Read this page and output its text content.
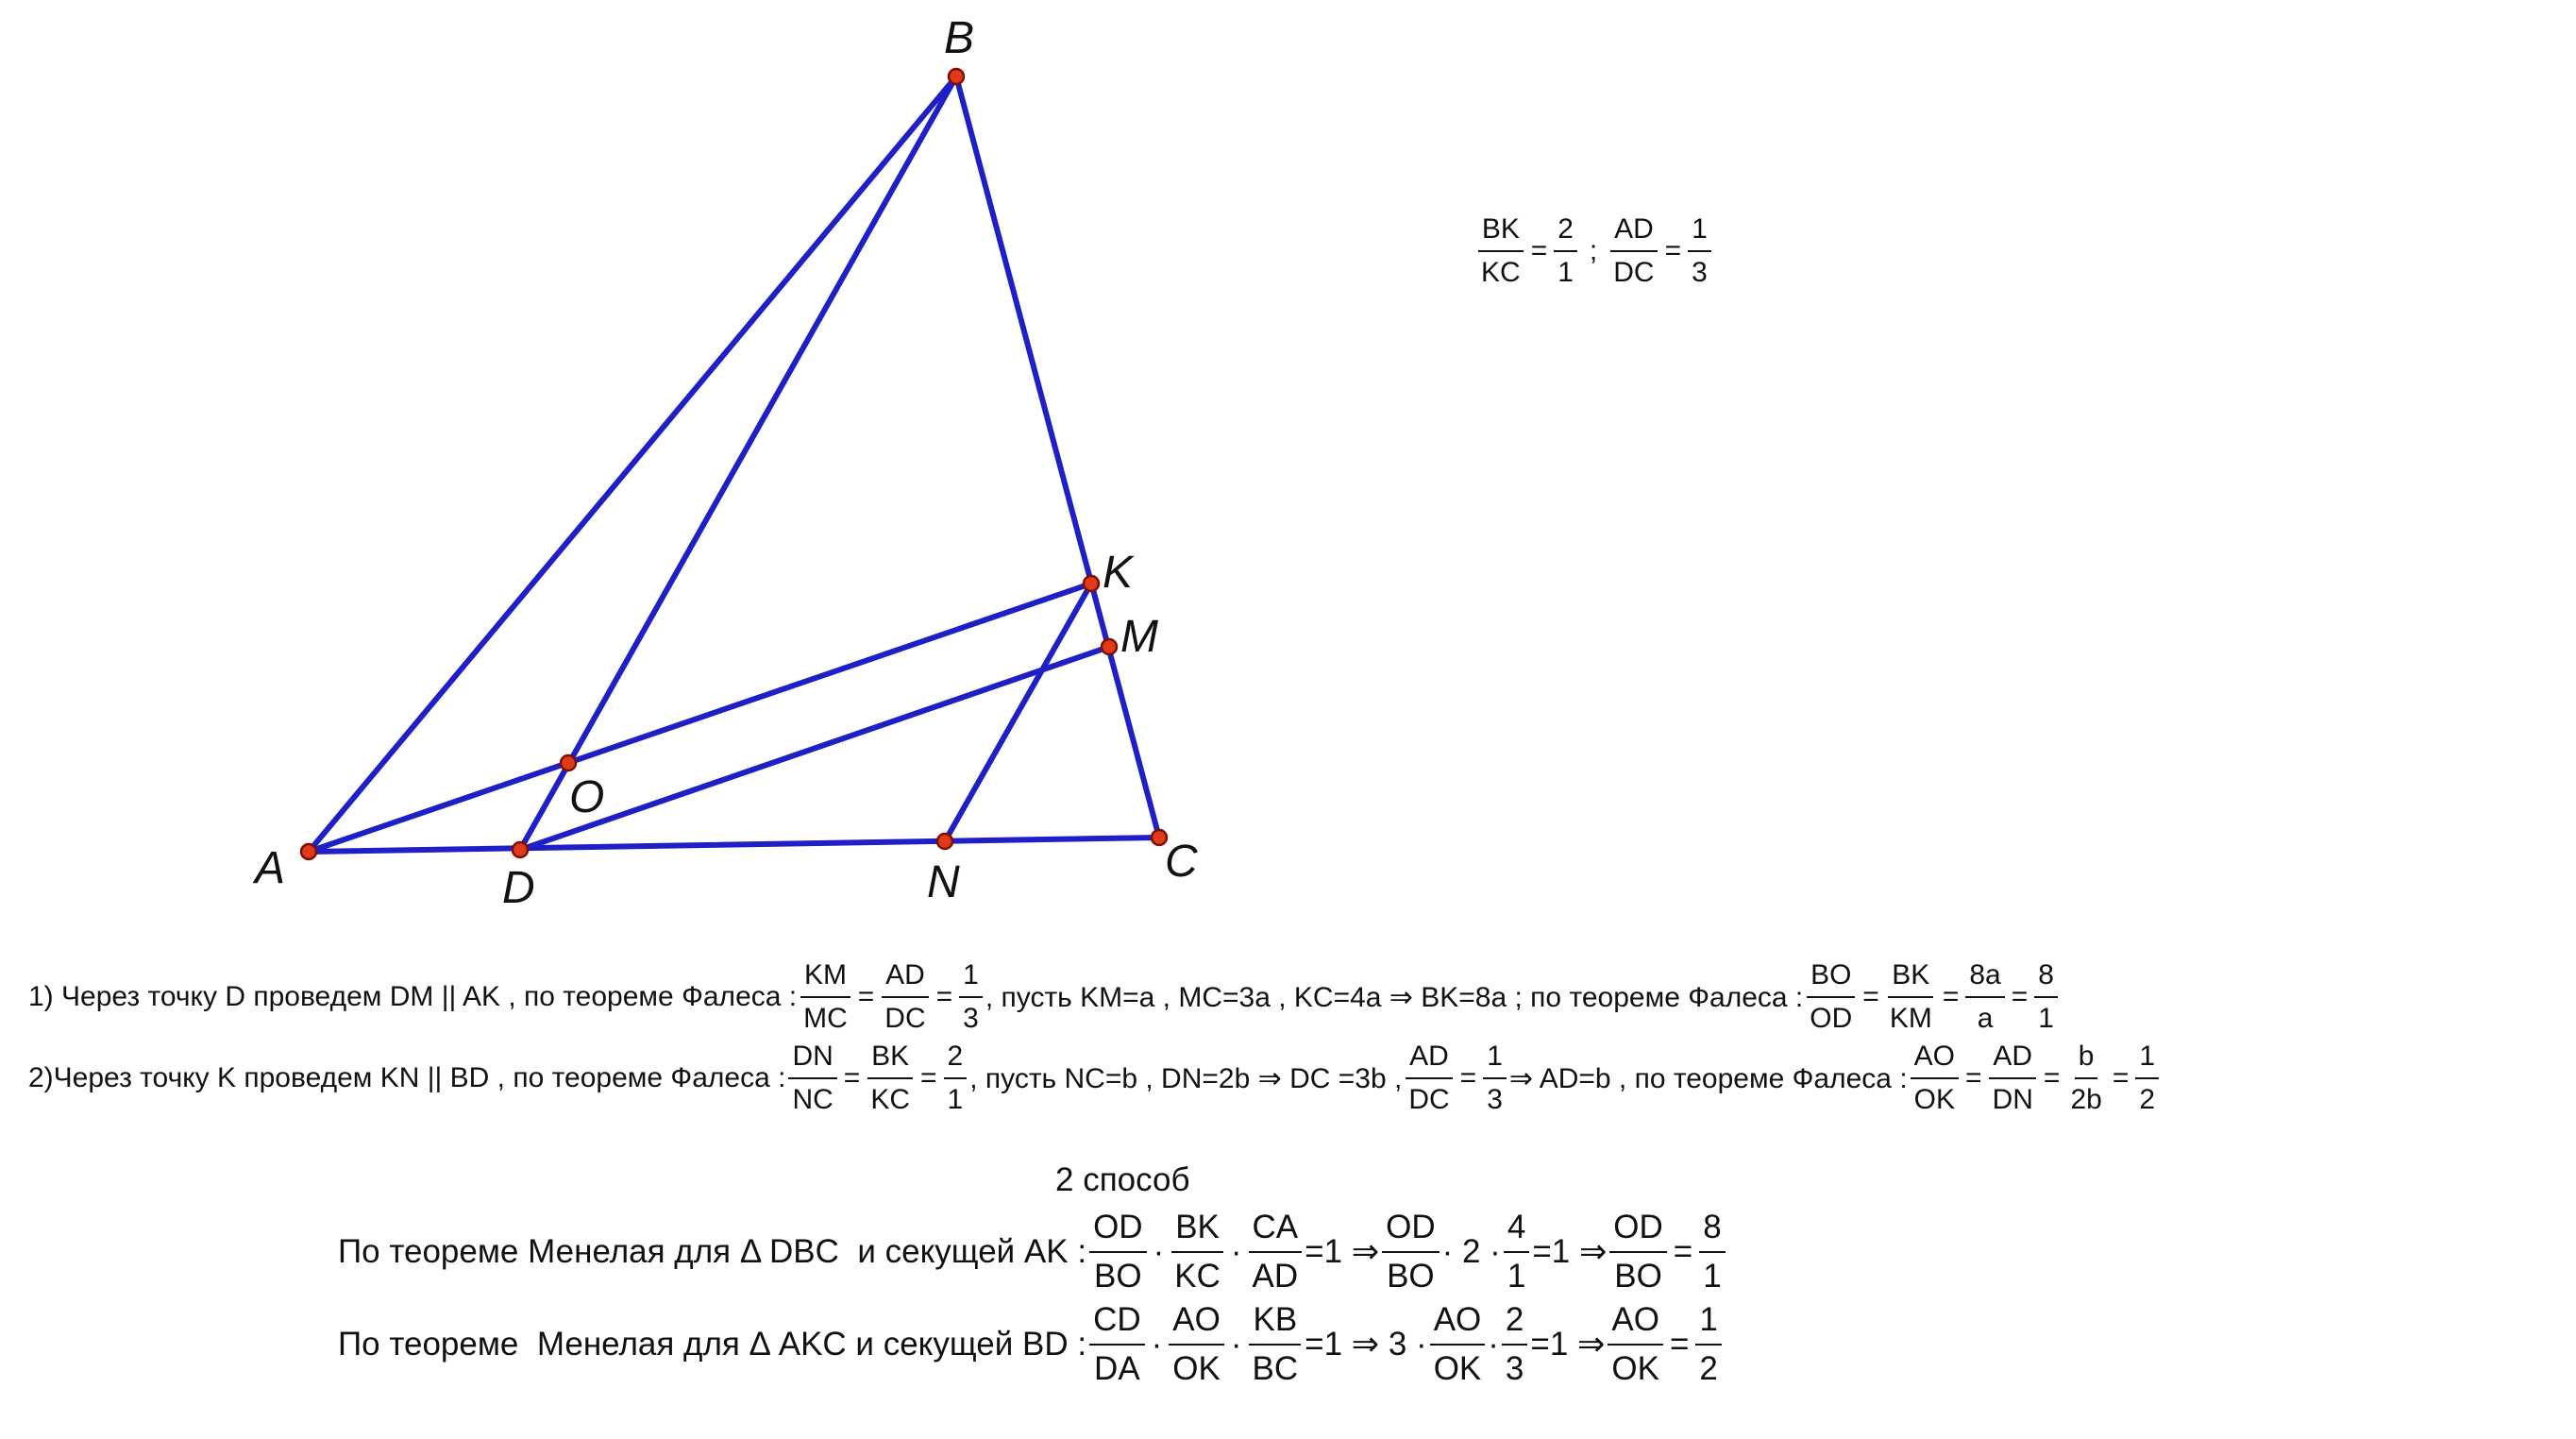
A
B
C
D
K
M
N
O
$\frac{BK}{KC} = \frac{2}{1}$ ; $\frac{AD}{DC} = \frac{1}{3}$
1) Через точку D проведем DM || AK , по теореме Фалеса : $\frac{KM}{MC} = \frac{AD}{DC} = \frac{1}{3}$ , пусть KM=a , MC=3a , KC=4a ⇒ BK=8a ; по теореме Фалеса : $\frac{BO}{OD} = \frac{BK}{KM} = \frac{8a}{a} = \frac{8}{1}$
2)Через точку K проведем KN || BD , по теореме Фалеса : $\frac{DN}{NC} = \frac{BK}{KC} = \frac{2}{1}$ , пусть NC=b , DN=2b ⇒ DC =3b , $\frac{AD}{DC} = \frac{1}{3}$ ⇒ AD=b , по теореме Фалеса : $\frac{AO}{OK} = \frac{AD}{DN} = \frac{b}{2b} = \frac{1}{2}$
2 способ
По теореме Менелая для Δ DBC  и секущей AK : $\frac{OD}{BO} \cdot \frac{BK}{KC} \cdot \frac{CA}{AD} =1$ ⇒ $\frac{OD}{BO} \cdot 2 \cdot \frac{4}{1} =1$ ⇒ $\frac{OD}{BO} = \frac{8}{1}$
По теореме  Менелая для Δ AKC и секущей BD : $\frac{CD}{DA} \cdot \frac{AO}{OK} \cdot \frac{KB}{BC} =1$ ⇒ $3 \cdot \frac{AO}{OK} \cdot \frac{2}{3} =1$ ⇒ $\frac{AO}{OK} = \frac{1}{2}$
